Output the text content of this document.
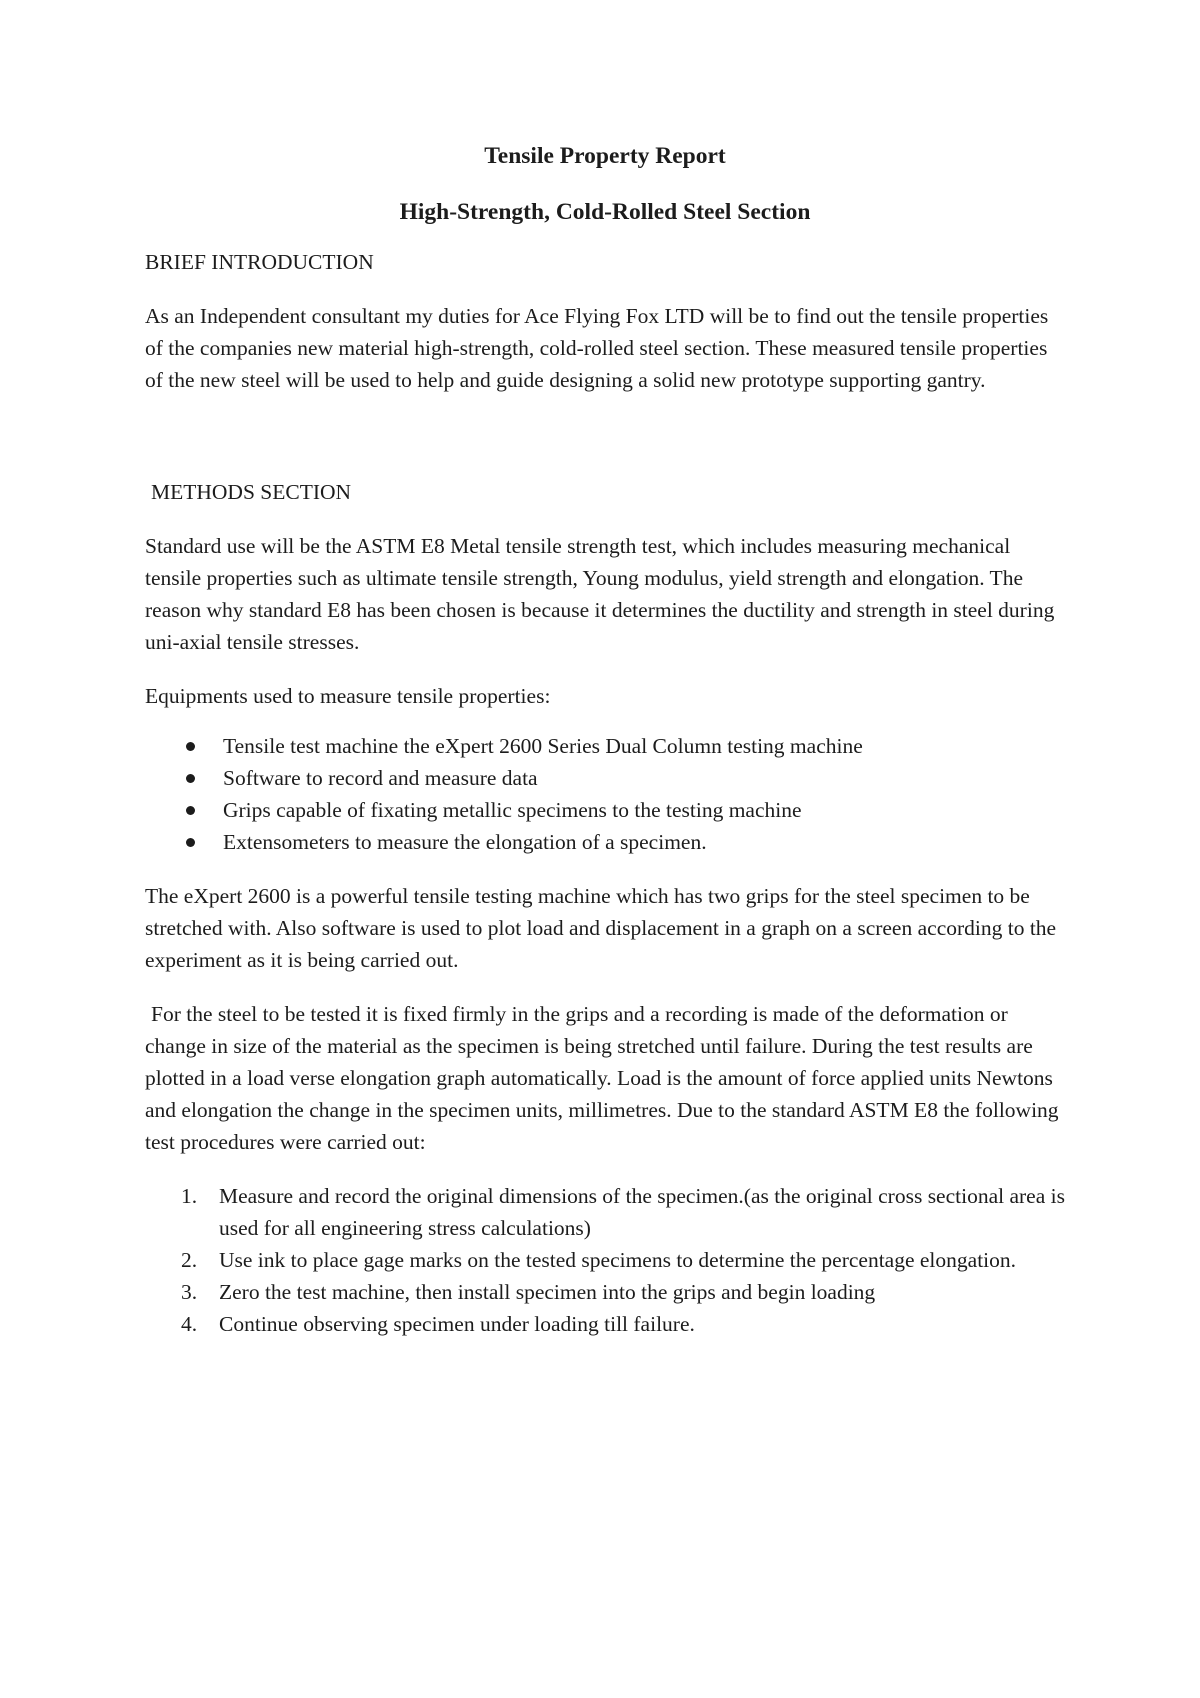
Tensile Property Report

High-Strength, Cold-Rolled Steel Section

BRIEF INTRODUCTION

As an Independent consultant my duties for Ace Flying Fox LTD will be to find out the tensile properties of the companies new material high-strength, cold-rolled steel section. These measured tensile properties of the new steel will be used to help and guide designing a solid new prototype supporting gantry.

METHODS SECTION

Standard use will be the ASTM E8 Metal tensile strength test, which includes measuring mechanical tensile properties such as ultimate tensile strength, Young modulus, yield strength and elongation. The reason why standard E8 has been chosen is because it determines the ductility and strength in steel during uni-axial tensile stresses.

Equipments used to measure tensile properties:

Tensile test machine the eXpert 2600 Series Dual Column testing machine
Software to record and measure data
Grips capable of fixating metallic specimens to the testing machine
Extensometers to measure the elongation of a specimen.

The eXpert 2600 is a powerful tensile testing machine which has two grips for the steel specimen to be stretched with. Also software is used to plot load and displacement in a graph on a screen according to the experiment as it is being carried out.

For the steel to be tested it is fixed firmly in the grips and a recording is made of the deformation or change in size of the material as the specimen is being stretched until failure. During the test results are plotted in a load verse elongation graph automatically. Load is the amount of force applied units Newtons and elongation the change in the specimen units, millimetres. Due to the standard ASTM E8 the following test procedures were carried out:

1. Measure and record the original dimensions of the specimen.(as the original cross sectional area is used for all engineering stress calculations)
2. Use ink to place gage marks on the tested specimens to determine the percentage elongation.
3. Zero the test machine, then install specimen into the grips and begin loading
4. Continue observing specimen under loading till failure.
